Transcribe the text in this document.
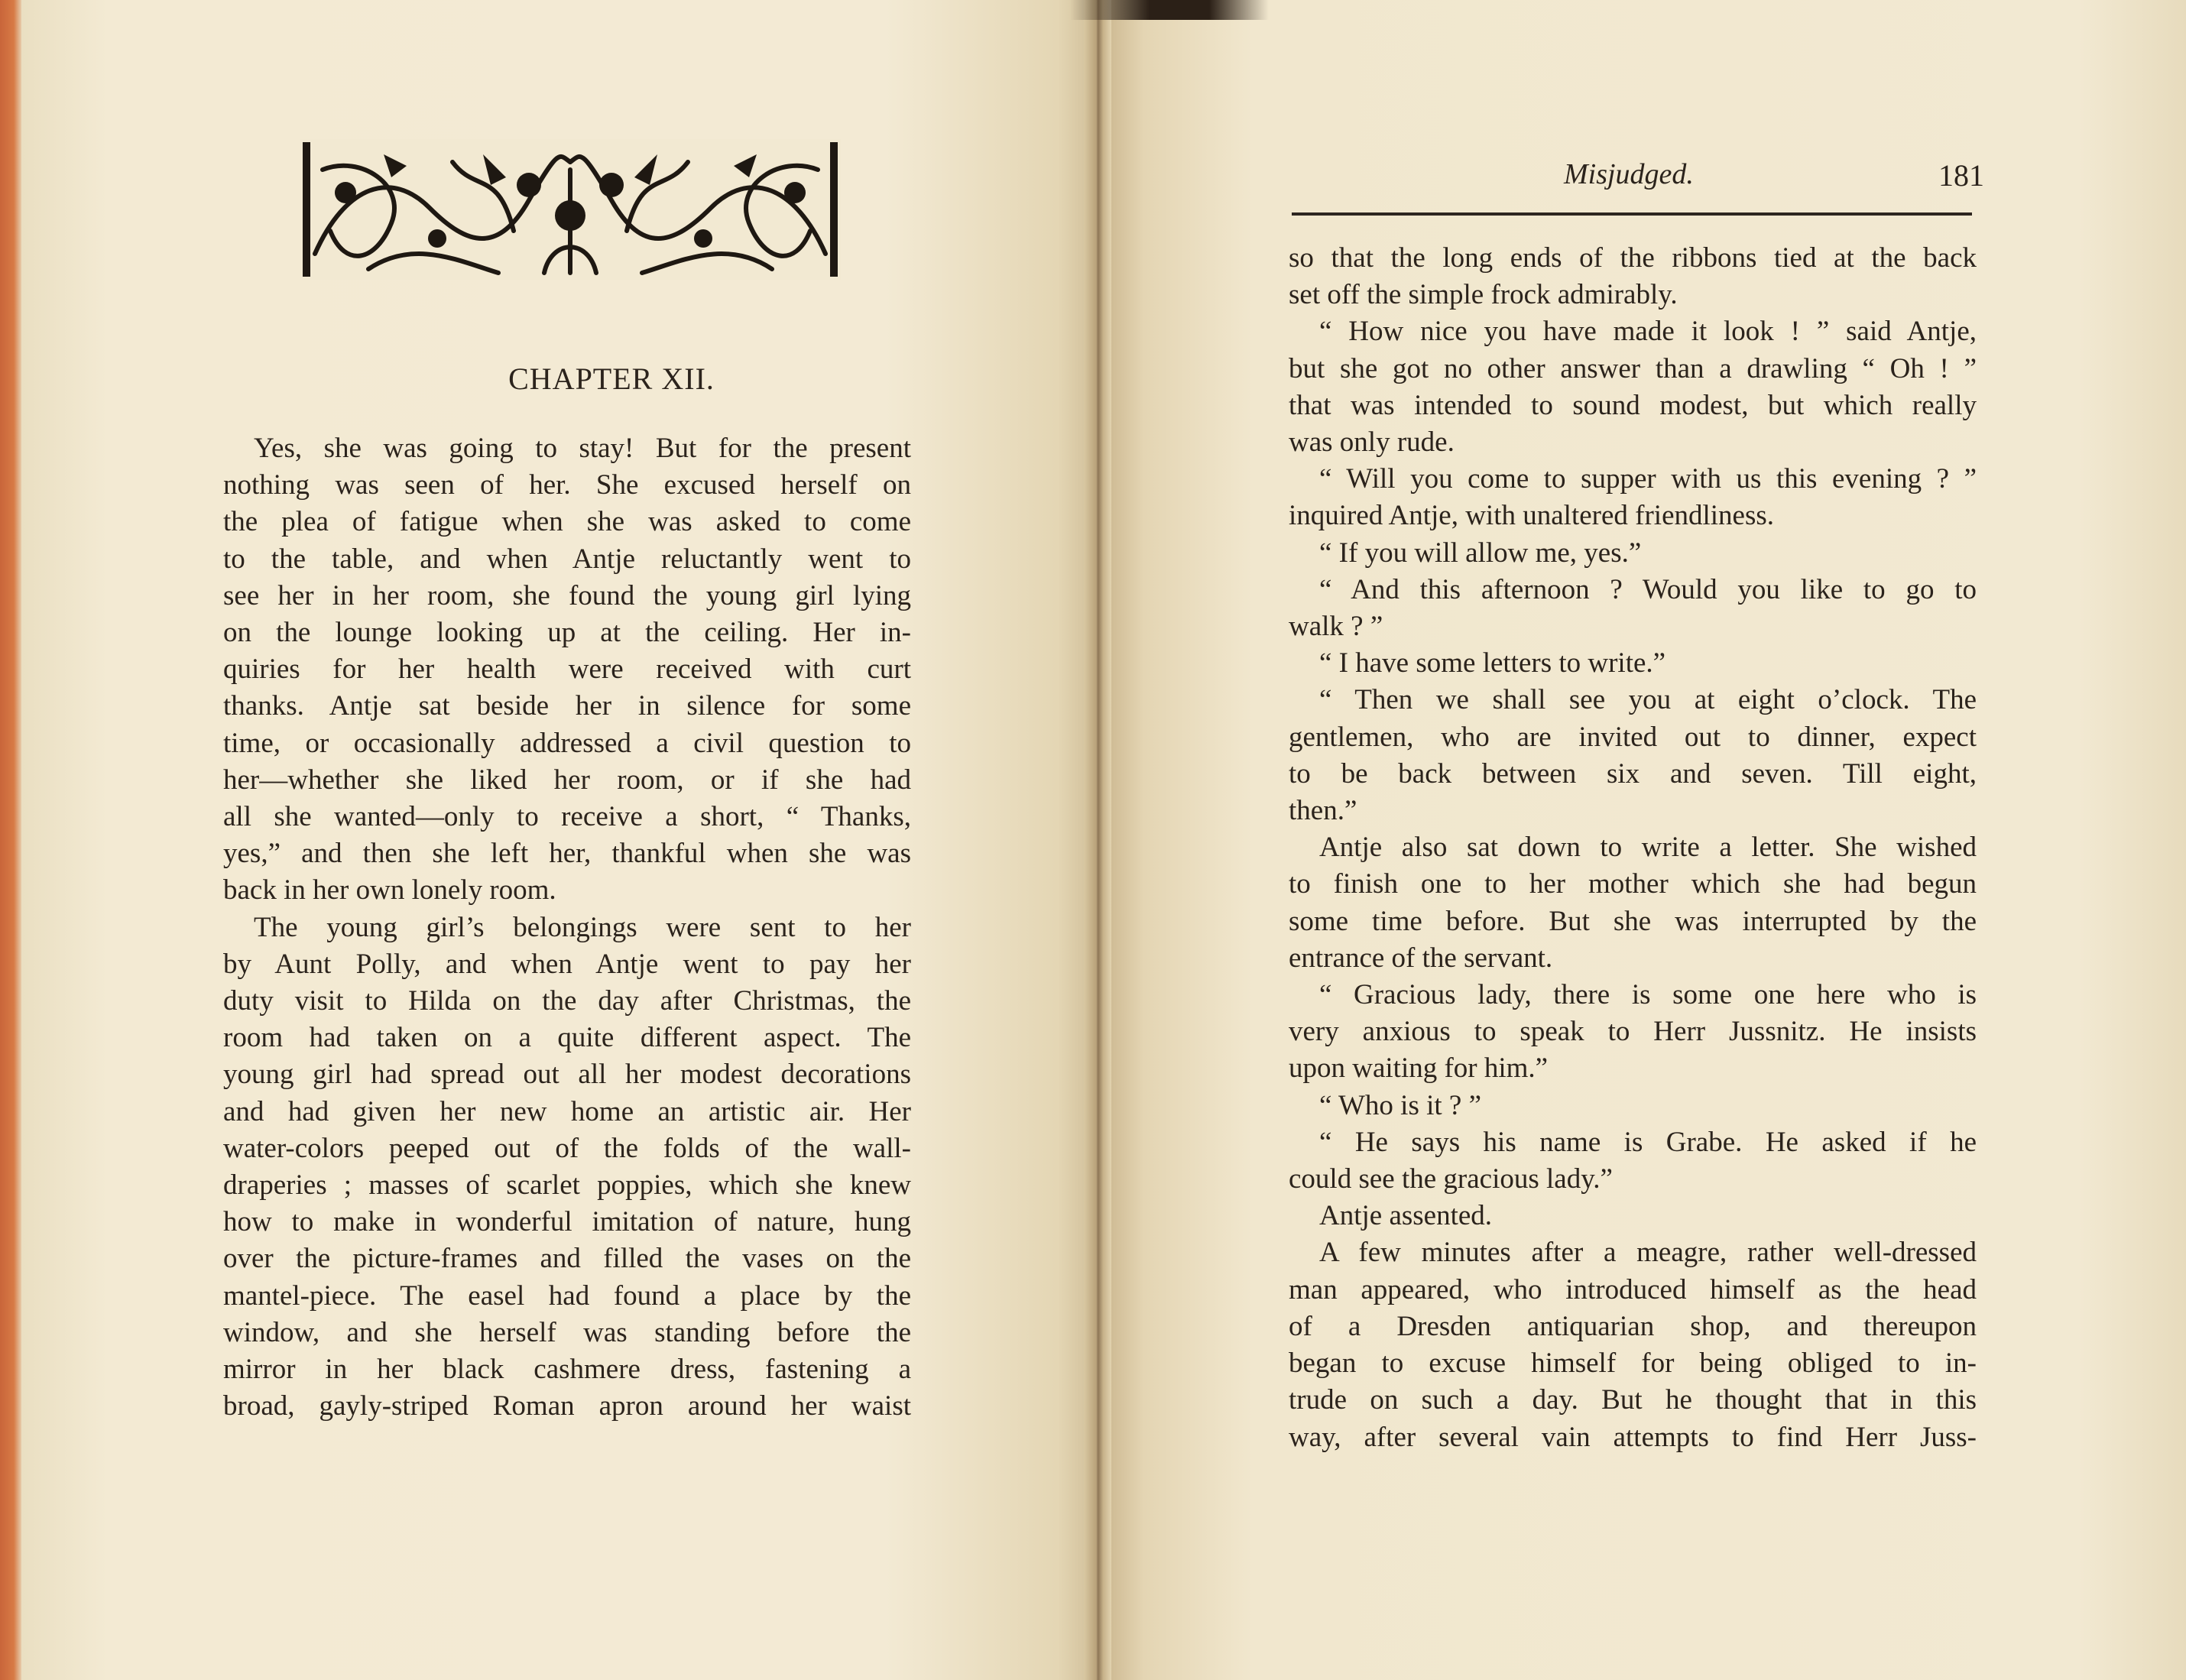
CHAPTER XII.
Yes, she was going to stay! But for the present
nothing was seen of her. She excused herself on
the plea of fatigue when she was asked to come
to the table, and when Antje reluctantly went to
see her in her room, she found the young girl lying
on the lounge looking up at the ceiling. Her in-
quiries for her health were received with curt
thanks. Antje sat beside her in silence for some
time, or occasionally addressed a civil question to
her—whether she liked her room, or if she had
all she wanted—only to receive a short, “ Thanks,
yes,” and then she left her, thankful when she was
back in her own lonely room.
The young girl’s belongings were sent to her
by Aunt Polly, and when Antje went to pay her
duty visit to Hilda on the day after Christmas, the
room had taken on a quite different aspect. The
young girl had spread out all her modest decorations
and had given her new home an artistic air. Her
water-colors peeped out of the folds of the wall-
draperies ; masses of scarlet poppies, which she knew
how to make in wonderful imitation of nature, hung
over the picture-frames and filled the vases on the
mantel-piece. The easel had found a place by the
window, and she herself was standing before the
mirror in her black cashmere dress, fastening a
broad, gayly-striped Roman apron around her waist
Misjudged.	181
so that the long ends of the ribbons tied at the back
set off the simple frock admirably.
“ How nice you have made it look ! ” said Antje,
but she got no other answer than a drawling “ Oh ! ”
that was intended to sound modest, but which really
was only rude.
“ Will you come to supper with us this evening ? ”
inquired Antje, with unaltered friendliness.
“ If you will allow me, yes.”
“ And this afternoon ? Would you like to go to
walk ? ”
“ I have some letters to write.”
“ Then we shall see you at eight o’clock. The
gentlemen, who are invited out to dinner, expect
to be back between six and seven. Till eight,
then.”
Antje also sat down to write a letter. She wished
to finish one to her mother which she had begun
some time before. But she was interrupted by the
entrance of the servant.
“ Gracious lady, there is some one here who is
very anxious to speak to Herr Jussnitz. He insists
upon waiting for him.”
“ Who is it ? ”
“ He says his name is Grabe. He asked if he
could see the gracious lady.”
Antje assented.
A few minutes after a meagre, rather well-dressed
man appeared, who introduced himself as the head
of a Dresden antiquarian shop, and thereupon
began to excuse himself for being obliged to in-
trude on such a day. But he thought that in this
way, after several vain attempts to find Herr Juss-
